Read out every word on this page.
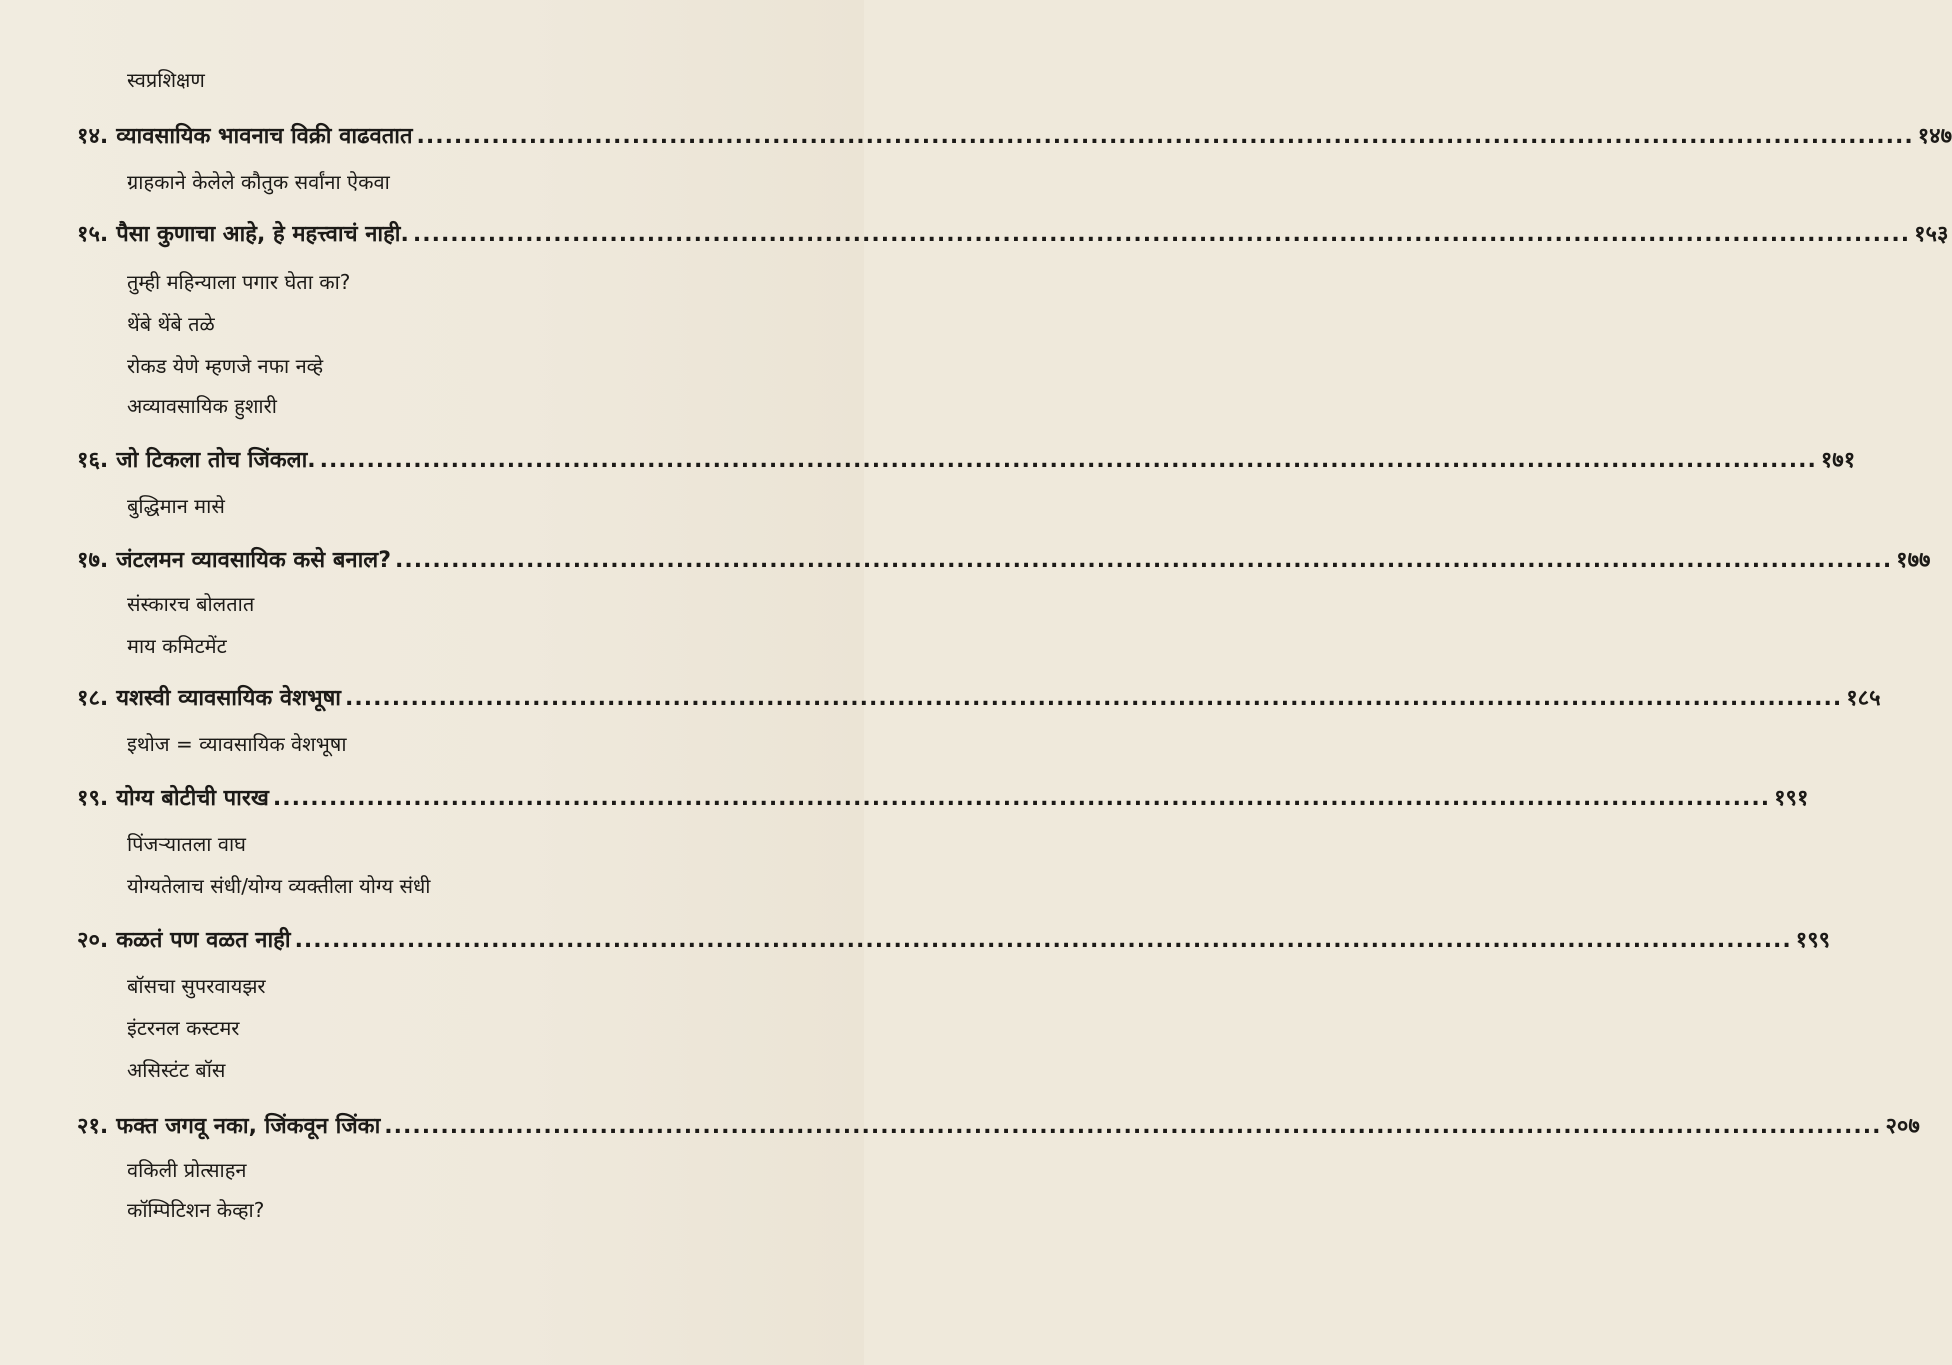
स्वप्रशिक्षण
१४. व्यावसायिक भावनाच विक्री वाढवतात ................................................................................................................................................................ १४७
ग्राहकाने केलेले कौतुक सर्वांना ऐकवा
१५. पैसा कुणाचा आहे, हे महत्त्वाचं नाही. ................................................................................................................................................................ १५३
तुम्ही महिन्याला पगार घेता का?
थेंबे थेंबे तळे
रोकड येणे म्हणजे नफा नव्हे
अव्यावसायिक हुशारी
१६. जो टिकला तोच जिंकला. ................................................................................................................................................................ १७१
बुद्धिमान मासे
१७. जंटलमन व्यावसायिक कसे बनाल? ................................................................................................................................................................ १७७
संस्कारच बोलतात
माय कमिटमेंट
१८. यशस्वी व्यावसायिक वेशभूषा ................................................................................................................................................................ १८५
इथोज = व्यावसायिक वेशभूषा
१९. योग्य बोटीची पारख ................................................................................................................................................................ १९१
पिंजऱ्यातला वाघ
योग्यतेलाच संधी/योग्य व्यक्तीला योग्य संधी
२०. कळतं पण वळत नाही ................................................................................................................................................................ १९९
बॉसचा सुपरवायझर
इंटरनल कस्टमर
असिस्टंट बॉस
२१. फक्त जगवू नका, जिंकवून जिंका ................................................................................................................................................................ २०७
वकिली प्रोत्साहन
कॉम्पिटिशन केव्हा?
